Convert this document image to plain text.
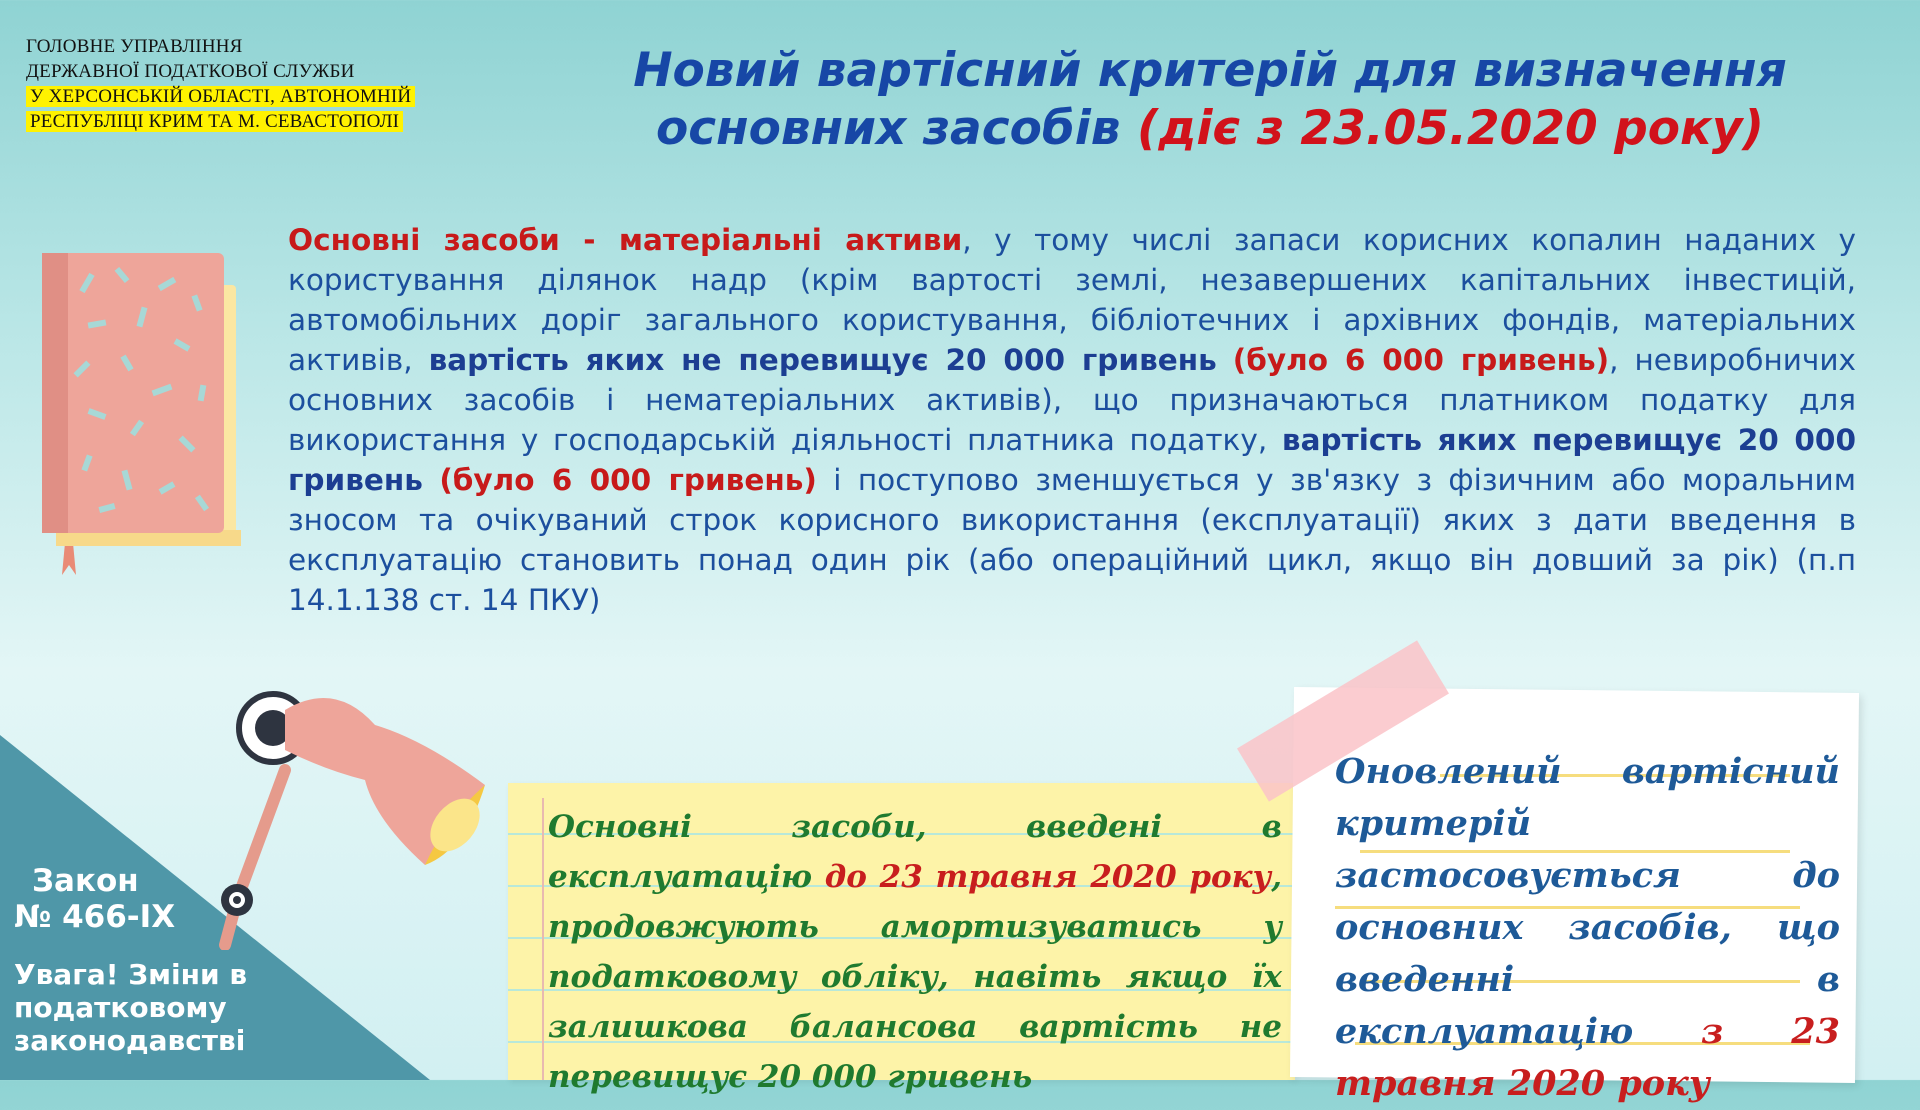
ГОЛОВНЕ УПРАВЛІННЯ
ДЕРЖАВНОЇ ПОДАТКОВОЇ СЛУЖБИ
У ХЕРСОНСЬКІЙ ОБЛАСТІ, АВТОНОМНІЙ
РЕСПУБЛІЦІ КРИМ ТА М. СЕВАСТОПОЛІ
Новий вартісний критерій для визначення основних засобів (діє з 23.05.2020 року)
Основні засоби - матеріальні активи, у тому числі запаси корисних копалин наданих у користування ділянок надр (крім вартості землі, незавершених капітальних інвестицій, автомобільних доріг загального користування, бібліотечних і архівних фондів, матеріальних активів, вартість яких не перевищує 20 000 гривень (було 6 000 гривень), невиробничих основних засобів і нематеріальних активів), що призначаються платником податку для використання у господарській діяльності платника податку, вартість яких перевищує 20 000 гривень (було 6 000 гривень) і поступово зменшується у зв'язку з фізичним або моральним зносом та очікуваний строк корисного використання (експлуатації) яких з дати введення в експлуатацію становить понад один рік (або операційний цикл, якщо він довший за рік) (п.п 14.1.138 ст. 14 ПКУ)
Закон
№ 466-ІХ
Увага! Зміни в податковому законодавстві
Основні засоби, введені в експлуатацію до 23 травня 2020 року, продовжують амортизуватись у податковому обліку, навіть якщо їх залишкова балансова вартість не перевищує 20 000 гривень
Оновлений вартісний критерій застосовується до основних засобів, що введенні в експлуатацію з 23 травня 2020 року
